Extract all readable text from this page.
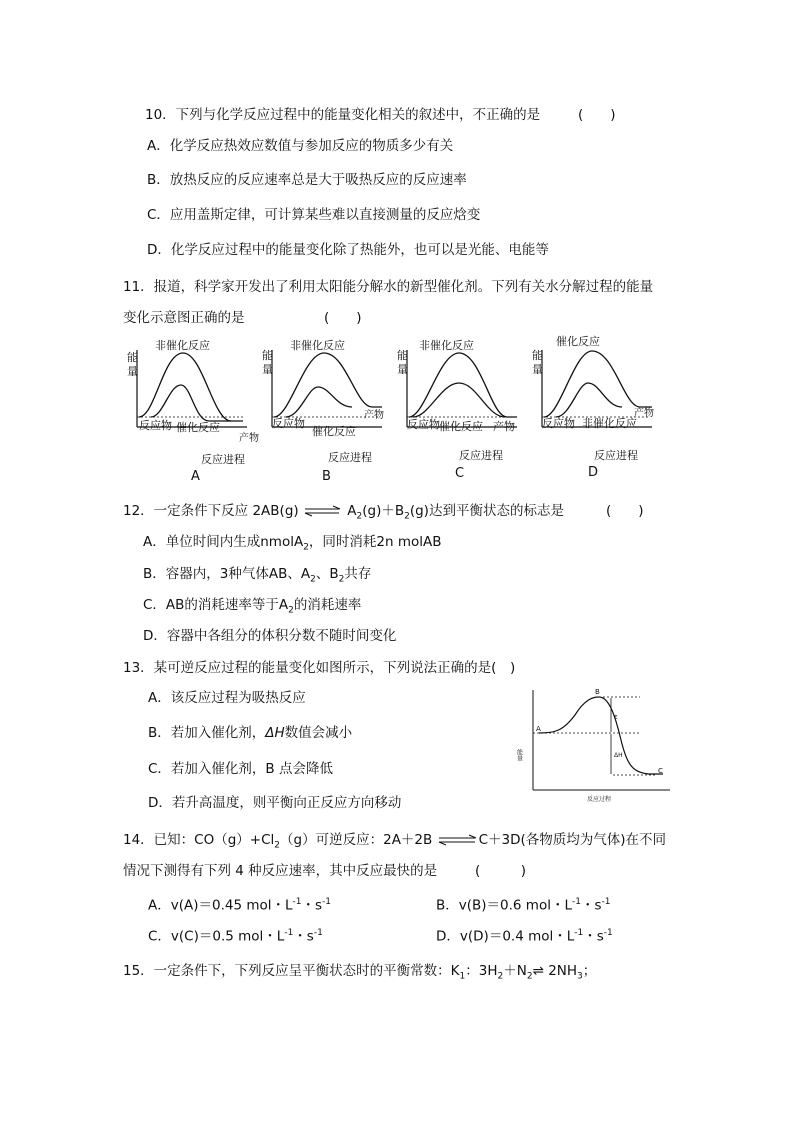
10．下列与化学反应过程中的能量变化相关的叙述中，不正确的是	(　　)
A．化学反应热效应数值与参加反应的物质多少有关
B．放热反应的反应速率总是大于吸热反应的反应速率
C．应用盖斯定律，可计算某些难以直接测量的反应焓变
D．化学反应过程中的能量变化除了热能外，也可以是光能、电能等
11．报道，科学家开发出了利用太阳能分解水的新型催化剂。下列有关水分解过程的能量
变化示意图正确的是	(　　)
能
量
非催化反应
反应物 催化反应
产物
反应进程
A
能
量
非催化反应
反应物
催化反应
产物
反应进程
B
能
量
非催化反应
反应物 催化反应 产物
反应进程
C
能
量
催化反应
反应物 非催化反应
产物
反应进程
D
12．一定条件下反应 2AB(g) ⇌ $A_2(g)+B_2(g)$达到平衡状态的标志是	(　　)
A．单位时间内生成nmolA$_2$，同时消耗2n molAB
B．容器内，3种气体AB、$A_2$、$B_2$共存
C．AB的消耗速率等于$A_2$的消耗速率
D．容器中各组分的体积分数不随时间变化
13．某可逆反应过程的能量变化如图所示，下列说法正确的是(　)
A．该反应过程为吸热反应
B．若加入催化剂，ΔH数值会减小
C．若加入催化剂，B 点会降低
D．若升高温度，则平衡向正反应方向移动
B
A
C
ε
ΔH
能量
反应过程
14．已知：$CO(g)+Cl_2(g)$可逆反应：2A＋2B ⇌C＋3D(各物质均为气体)在不同
情况下测得有下列 4 种反应速率，其中反应最快的是	(　　　)
A．v(A)＝0.45 mol・$L^{-1}$・$s^{-1}$	B．v(B)＝0.6 mol・$L^{-1}$・$s^{-1}$
C．v(C)＝0.5 mol・$L^{-1}$・$s^{-1}$	D．v(D)＝0.4 mol・$L^{-1}$・$s^{-1}$
15．一定条件下，下列反应呈平衡状态时的平衡常数：$K_1$：$3H_2+N_2\rightleftharpoons$ $2NH_3$；
